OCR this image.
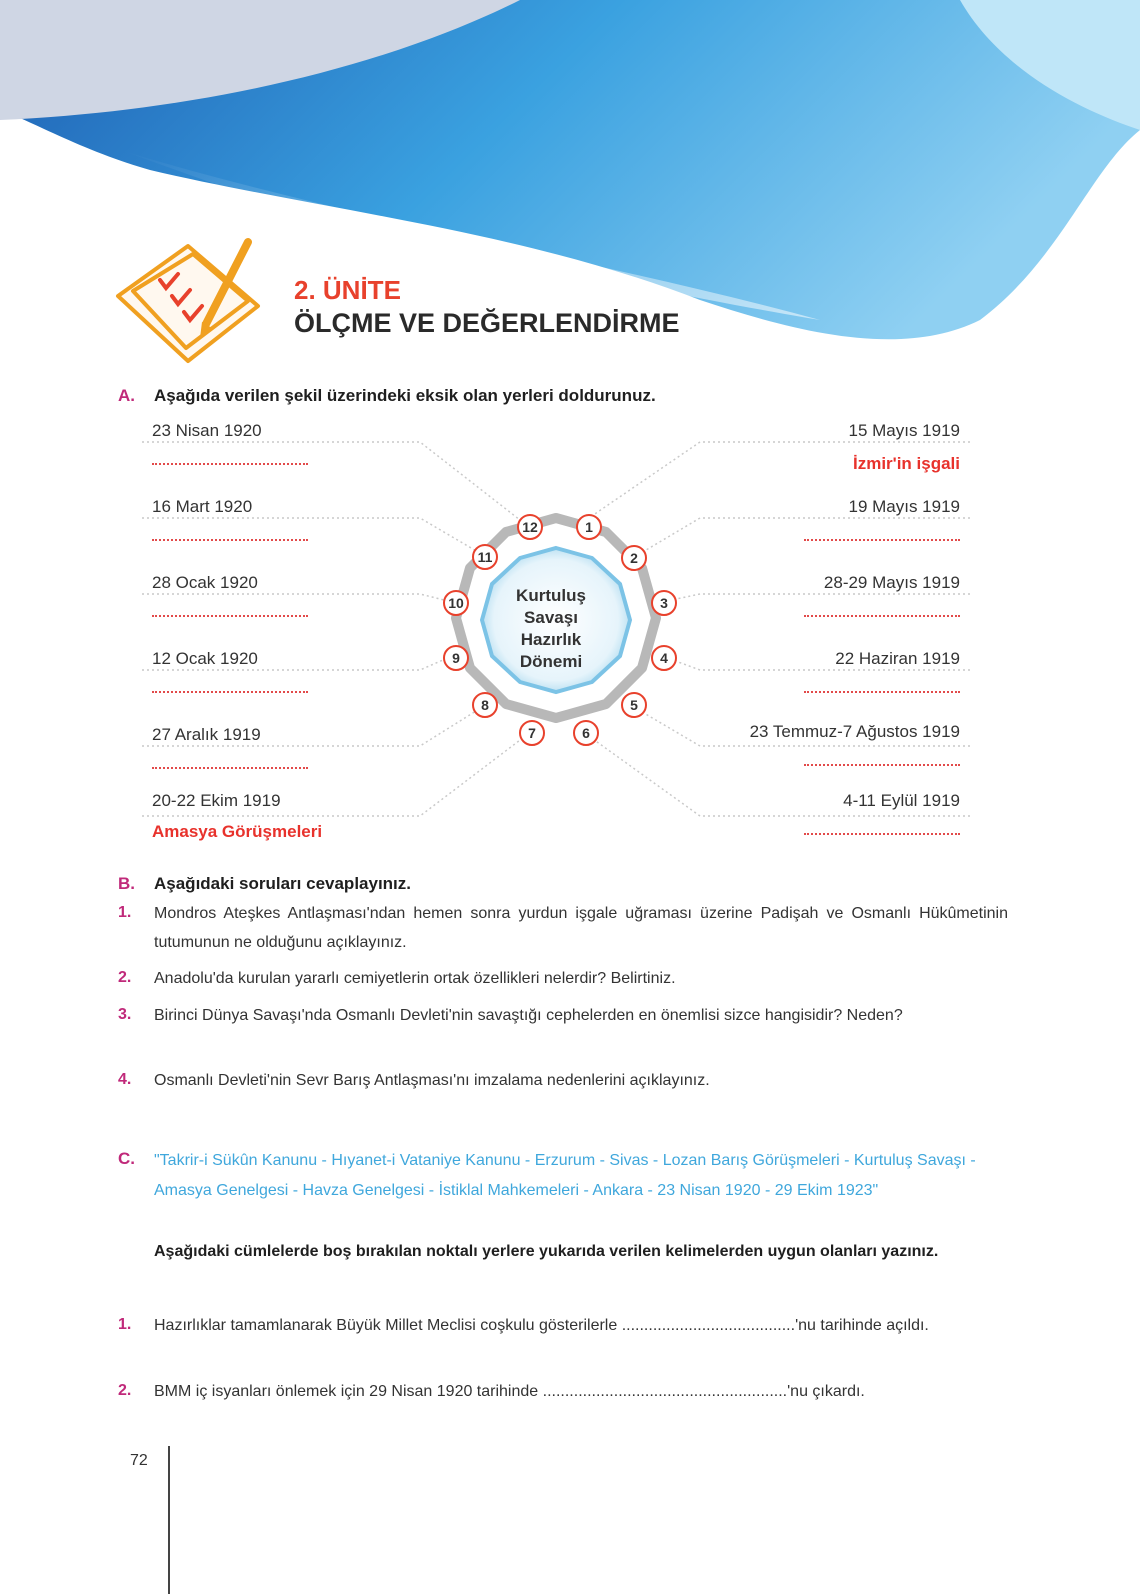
2. ÜNİTE
ÖLÇME VE DEĞERLENDİRME
A. Aşağıda verilen şekil üzerindeki eksik olan yerleri doldurunuz.
1
2
3
4
5
6
7
8
9
10
11
12
Kurtuluş
Savaşı
Hazırlık
Dönemi
23 Nisan 1920
16 Mart 1920
28 Ocak 1920
12 Ocak 1920
27 Aralık 1919
20-22 Ekim 1919
Amasya Görüşmeleri
15 Mayıs 1919
İzmir'in işgali
19 Mayıs 1919
28-29 Mayıs 1919
22 Haziran 1919
23 Temmuz-7 Ağustos 1919
4-11 Eylül 1919
B. Aşağıdaki soruları cevaplayınız.
1. Mondros Ateşkes Antlaşması'ndan hemen sonra yurdun işgale uğraması üzerine Padişah ve Osmanlı Hükûmetinin tutumunun ne olduğunu açıklayınız.
2. Anadolu'da kurulan yararlı cemiyetlerin ortak özellikleri nelerdir? Belirtiniz.
3. Birinci Dünya Savaşı'nda Osmanlı Devleti'nin savaştığı cephelerden en önemlisi sizce hangisidir? Neden?
4. Osmanlı Devleti'nin Sevr Barış Antlaşması'nı imzalama nedenlerini açıklayınız.
C. "Takrir-i Sükûn Kanunu - Hıyanet-i Vataniye Kanunu - Erzurum - Sivas - Lozan Barış Görüşmeleri - Kurtuluş Savaşı - Amasya Genelgesi - Havza Genelgesi - İstiklal Mahkemeleri - Ankara - 23 Nisan 1920 - 29 Ekim 1923"
Aşağıdaki cümlelerde boş bırakılan noktalı yerlere yukarıda verilen kelimelerden uygun olanları yazınız.
1. Hazırlıklar tamamlanarak Büyük Millet Meclisi coşkulu gösterilerle .......................................'nu tarihinde açıldı.
2. BMM iç isyanları önlemek için 29 Nisan 1920 tarihinde .......................................................'nu çıkardı.
72
